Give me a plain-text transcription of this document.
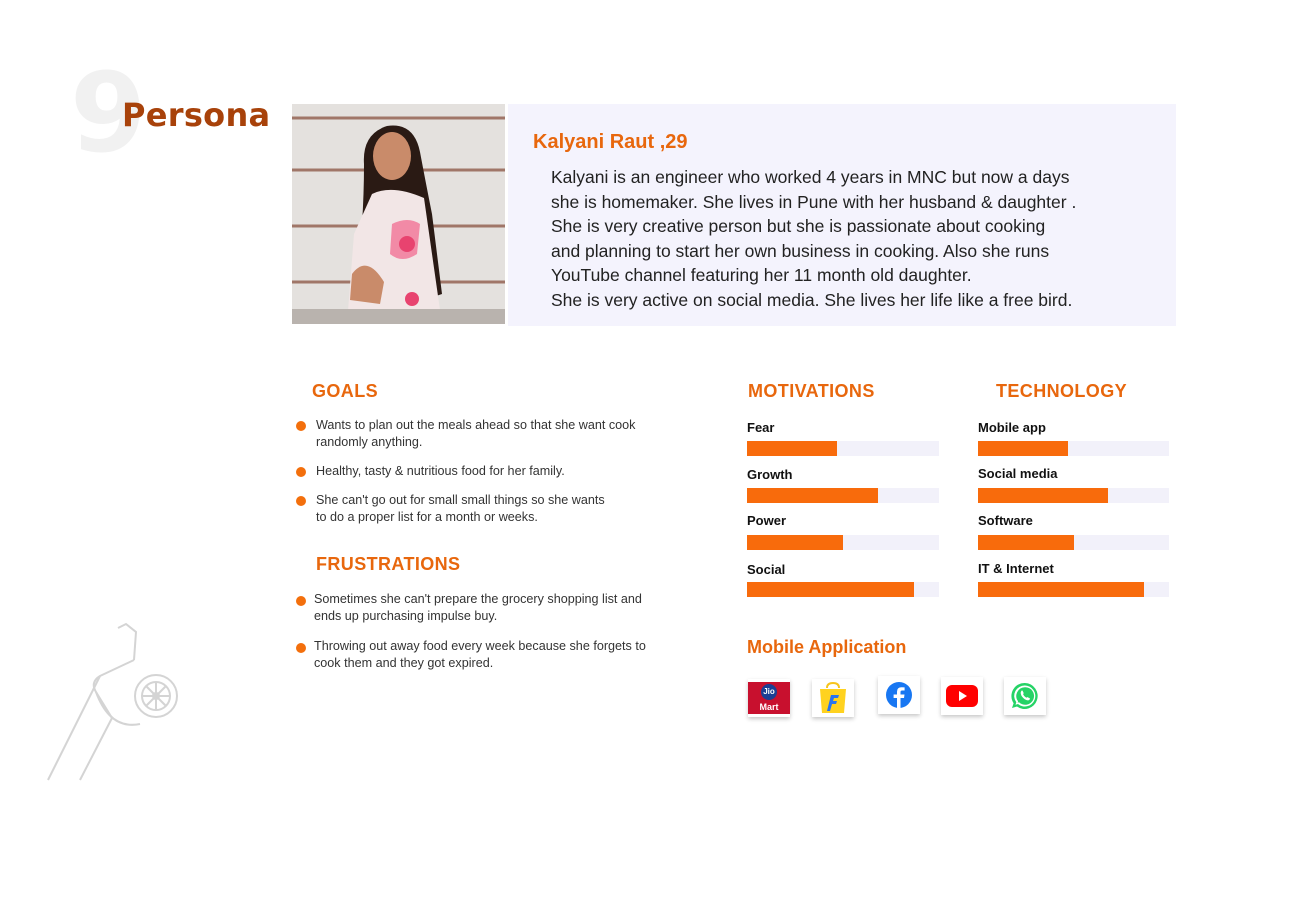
9
Persona
Kalyani Raut ,29
Kalyani is an engineer who worked 4 years in MNC but now a days
she is homemaker. She lives in Pune with her husband & daughter .
She is very creative person but she is passionate about cooking
and planning to start her own business in cooking. Also she runs
YouTube channel featuring her 11 month old daughter.
She is very active on social media. She lives her life like a free bird.
GOALS
Wants to plan out the meals ahead so that she want cook
randomly anything.
Healthy, tasty & nutritious food for her family.
She can't go out for small small things so she wants
to do a proper list for a month or weeks.
FRUSTRATIONS
Sometimes she can't prepare the grocery shopping list and
ends up purchasing impulse buy.
Throwing out away food every week because she forgets to
cook them and they got expired.
MOTIVATIONS
Fear
Growth
Power
Social
TECHNOLOGY
Mobile app
Social media
Software
IT & Internet
Mobile Application
Jio
Mart
